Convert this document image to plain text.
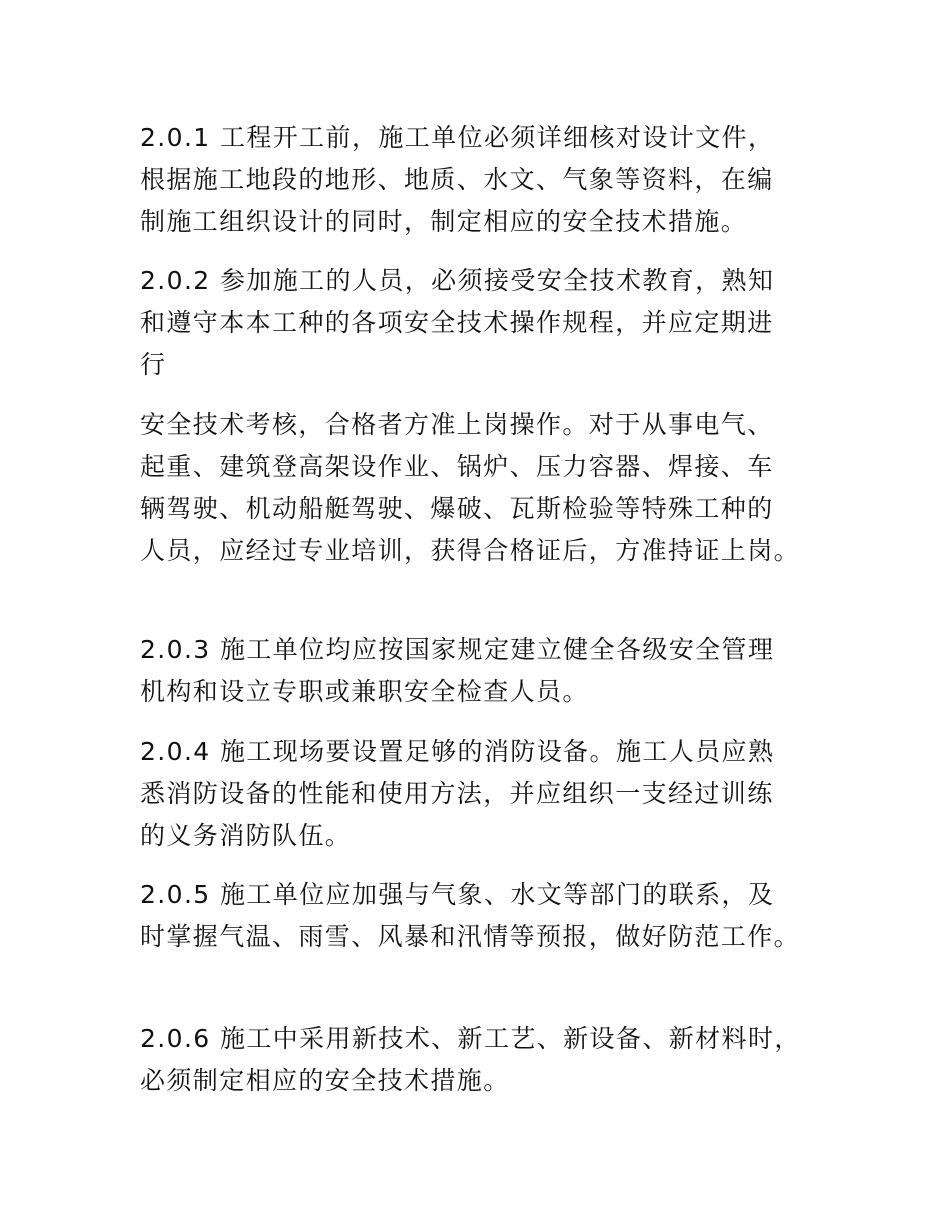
2.0.1 工程开工前，施工单位必须详细核对设计文件，
根据施工地段的地形、地质、水文、气象等资料，在编
制施工组织设计的同时，制定相应的安全技术措施。
2.0.2 参加施工的人员，必须接受安全技术教育，熟知
和遵守本本工种的各项安全技术操作规程，并应定期进
行
安全技术考核，合格者方准上岗操作。对于从事电气、
起重、建筑登高架设作业、锅炉、压力容器、焊接、车
辆驾驶、机动船艇驾驶、爆破、瓦斯检验等特殊工种的
人员，应经过专业培训，获得合格证后，方准持证上岗。
2.0.3 施工单位均应按国家规定建立健全各级安全管理
机构和设立专职或兼职安全检查人员。
2.0.4 施工现场要设置足够的消防设备。施工人员应熟
悉消防设备的性能和使用方法，并应组织一支经过训练
的义务消防队伍。
2.0.5 施工单位应加强与气象、水文等部门的联系，及
时掌握气温、雨雪、风暴和汛情等预报，做好防范工作。
2.0.6 施工中采用新技术、新工艺、新设备、新材料时，
必须制定相应的安全技术措施。
